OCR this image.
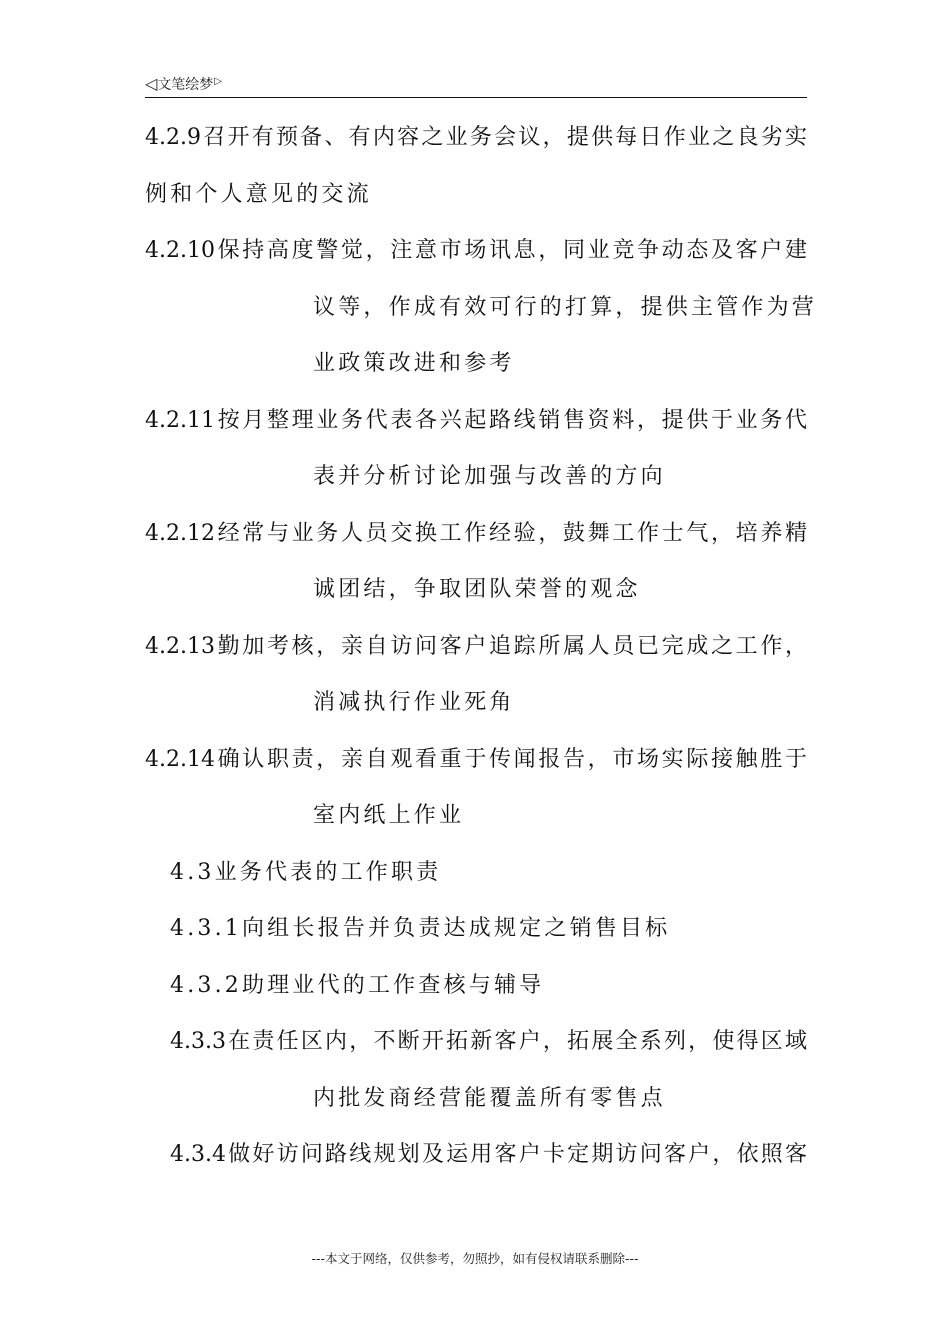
◁ 文笔绘梦 ▷
4.2.9召开有预备、有内容之业务会议，提供每日作业之良劣实
例和个人意见的交流
4.2.10保持高度警觉，注意市场讯息，同业竞争动态及客户建
议等，作成有效可行的打算，提供主管作为营
业政策改进和参考
4.2.11按月整理业务代表各兴起路线销售资料，提供于业务代
表并分析讨论加强与改善的方向
4.2.12经常与业务人员交换工作经验，鼓舞工作士气，培养精
诚团结，争取团队荣誉的观念
4.2.13勤加考核，亲自访问客户追踪所属人员已完成之工作，
消减执行作业死角
4.2.14确认职责，亲自观看重于传闻报告，市场实际接触胜于
室内纸上作业
4.3业务代表的工作职责
4.3.1向组长报告并负责达成规定之销售目标
4.3.2助理业代的工作查核与辅导
4.3.3在责任区内，不断开拓新客户，拓展全系列，使得区域
内批发商经营能覆盖所有零售点
4.3.4做好访问路线规划及运用客户卡定期访问客户，依照客
---本文于网络，仅供参考，勿照抄，如有侵权请联系删除---
